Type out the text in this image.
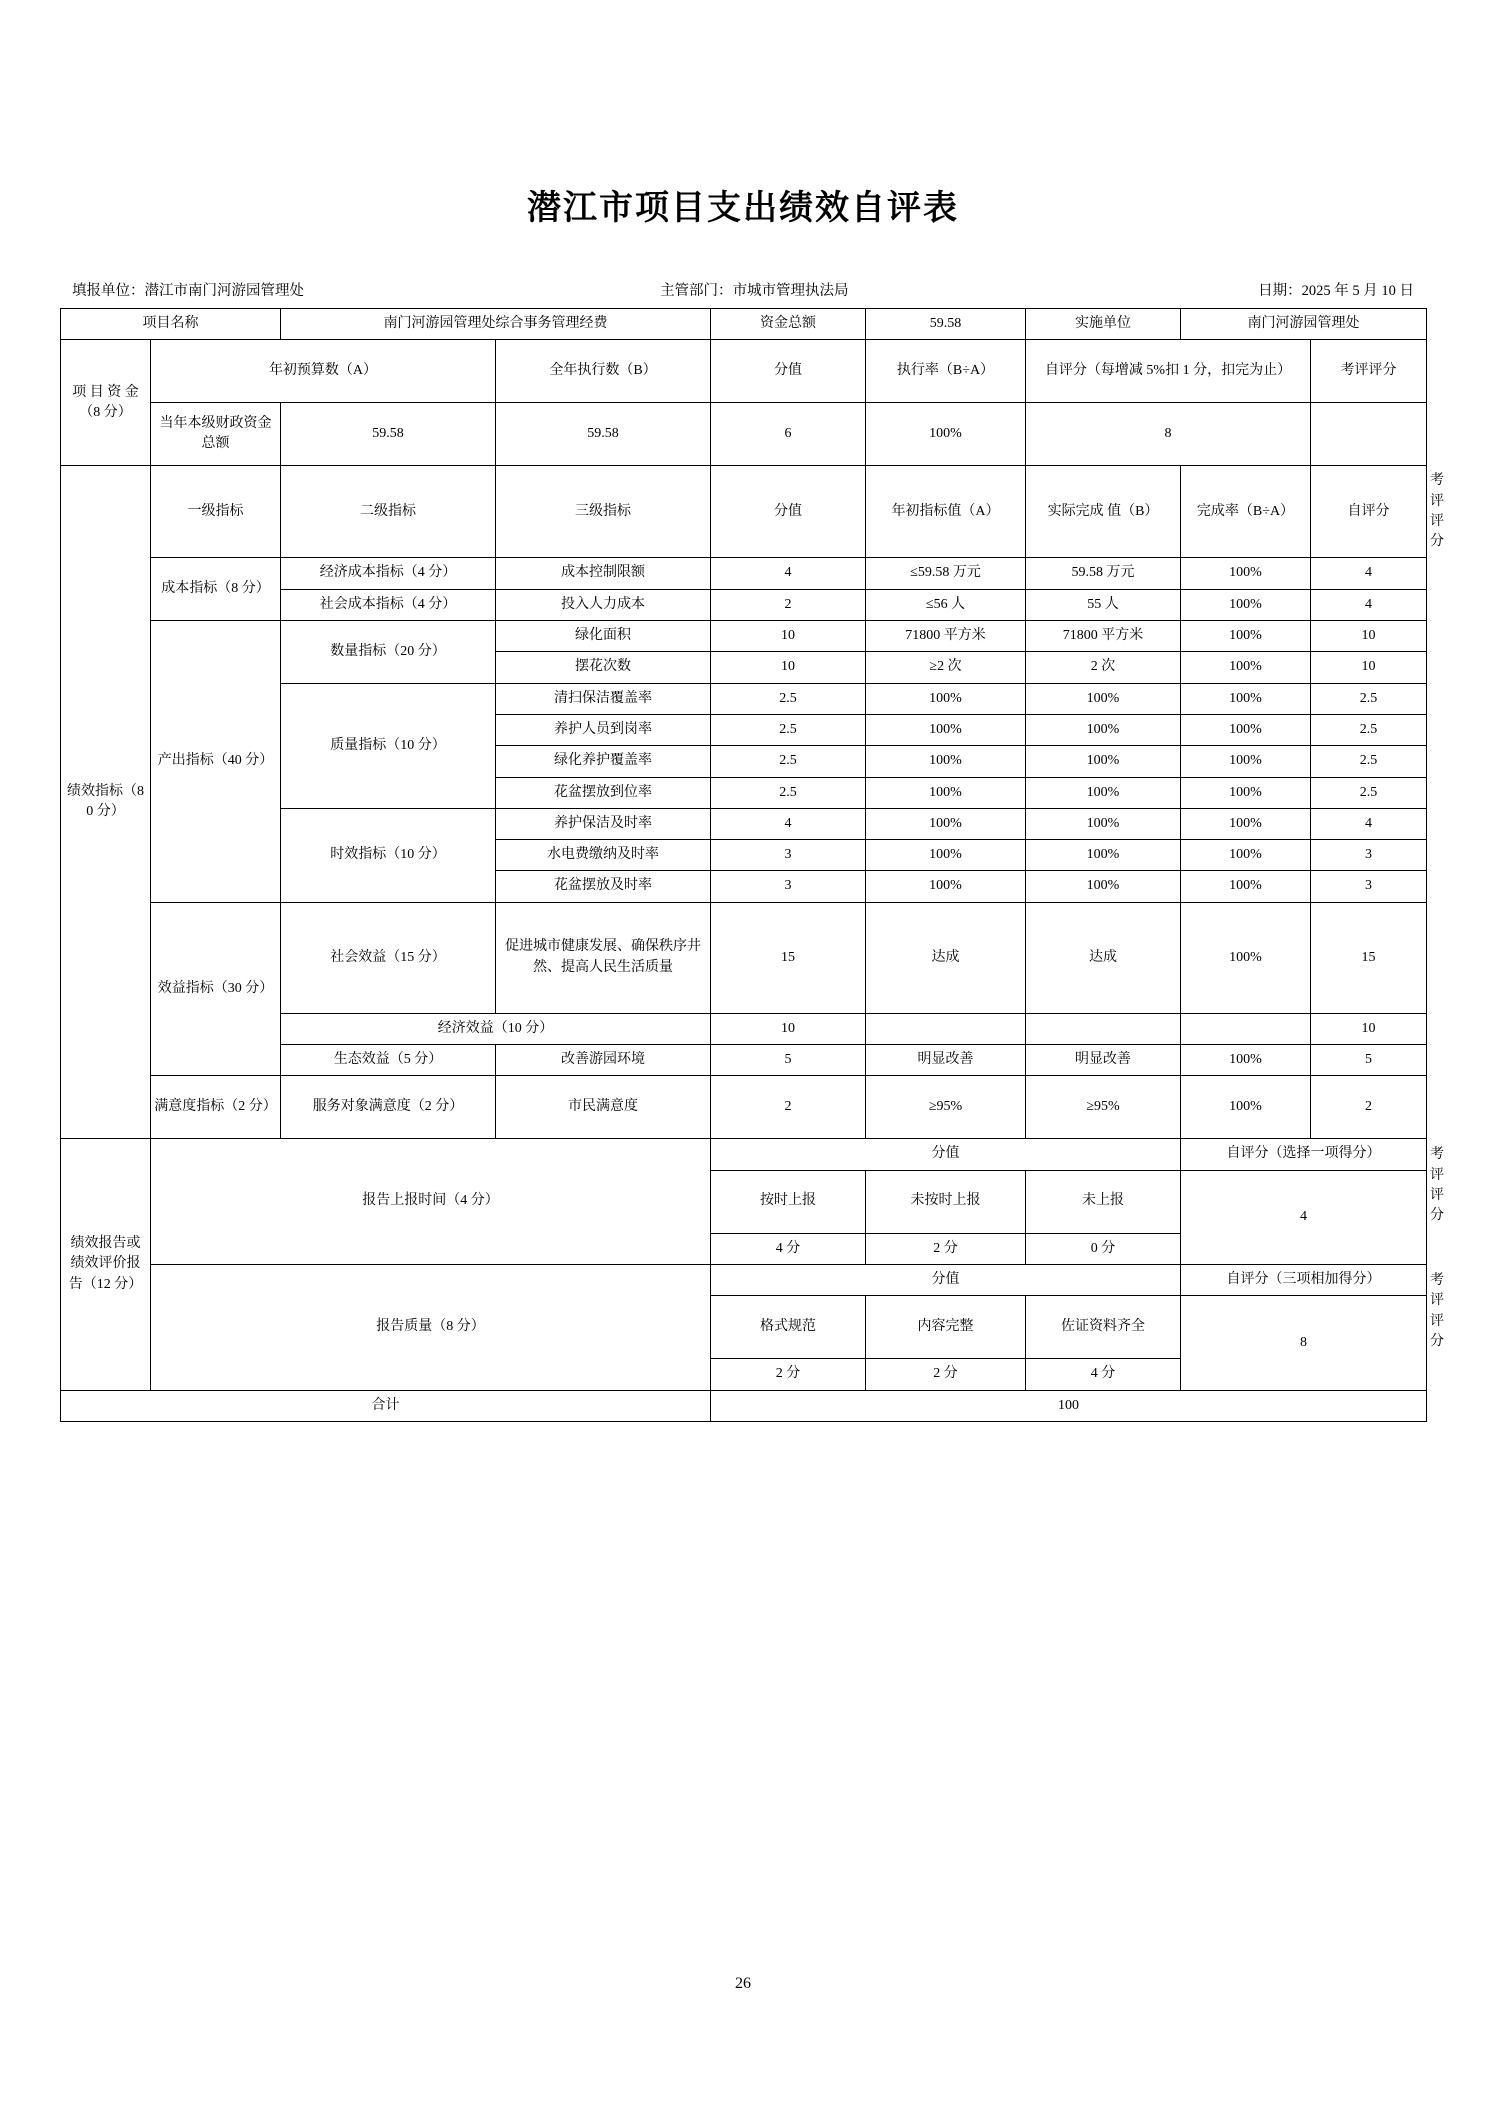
潜江市项目支出绩效自评表
填报单位：潜江市南门河游园管理处	主管部门：市城市管理执法局	日期：2025 年 5 月 10 日
项目名称		南门河游园管理处综合事务管理经费		资金总额	59.58	实施单位	南门河游园管理处		
项 目 资 金（8 分）	年初预算数（A）		全年执行数（B）	分值	执行率（B÷A）	自评分（每增减 5%扣 1 分，扣完为止）		考评评分	
	当年本级财政资金总额	59.58	59.58	6	100%	8			
绩效指标（80 分）	一级指标	二级指标	三级指标	分值	年初指标值（A）	实际完成 值（B）	完成率（B÷A）	自评分	考评评分
	成本指标（8 分）	经济成本指标（4 分）	成本控制限额	4	≤59.58 万元	59.58 万元	100%	4	
		社会成本指标（4 分）	投入人力成本	2	≤56 人	55 人	100%	4	
	产出指标（40 分）	数量指标（20 分）	绿化面积	10	71800 平方米	71800 平方米	100%	10	
			摆花次数	10	≥2 次	2 次	100%	10	
		质量指标（10 分）	清扫保洁覆盖率	2.5	100%	100%	100%	2.5	
			养护人员到岗率	2.5	100%	100%	100%	2.5	
			绿化养护覆盖率	2.5	100%	100%	100%	2.5	
			花盆摆放到位率	2.5	100%	100%	100%	2.5	
		时效指标（10 分）	养护保洁及时率	4	100%	100%	100%	4	
			水电费缴纳及时率	3	100%	100%	100%	3	
			花盆摆放及时率	3	100%	100%	100%	3	
	效益指标（30 分）	社会效益（15 分）	促进城市健康发展、确保秩序井然、提高人民生活质量	15	达成	达成	100%	15	
		经济效益（10 分）		10				10	
		生态效益（5 分）	改善游园环境	5	明显改善	明显改善	100%	5	
	满意度指标（2 分）	服务对象满意度（2 分）	市民满意度	2	≥95%	≥95%	100%	2	
绩效报告或绩效评价报告（12 分）	报告上报时间（4 分）			分值			自评分（选择一项得分）		考评评分
				按时上报	未按时上报	未上报	4		
				4 分	2 分	0 分			
	报告质量（8 分）			分值			自评分（三项相加得分）		考评评分
				格式规范	内容完整	佐证资料齐全	8		
				2 分	2 分	4 分			
合计				100					
26
